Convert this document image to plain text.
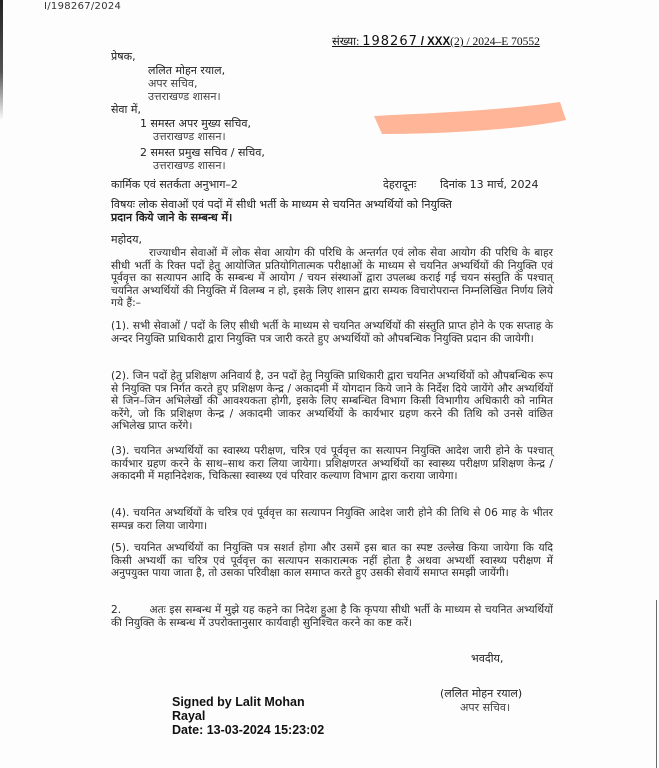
I/198267/2024
संख्या: 198267 / XXX(2) / 2024–E 70552
प्रेषक,
ललित मोहन रयाल,
अपर सचिव,
उत्तराखण्ड शासन।
सेवा में,
1 समस्त अपर मुख्य सचिव,
उत्तराखण्ड शासन।
2 समस्त प्रमुख सचिव / सचिव,
उत्तराखण्ड शासन।
कार्मिक एवं सतर्कता अनुभाग–2	देहरादूनः दिनांक 13 मार्च, 2024
विषयः लोक सेवाओं एवं पदों में सीधी भर्ती के माध्यम से चयनित अभ्यर्थियों को नियुक्ति
प्रदान किये जाने के सम्बन्ध में।
महोदय,
राज्याधीन सेवाओं में लोक सेवा आयोग की परिधि के अन्तर्गत एवं लोक सेवा आयोग की परिधि के बाहर सीधी भर्ती के रिक्त पदों हेतु आयोजित प्रतियोगितात्मक परीक्षाओं के माध्यम से चयनित अभ्यर्थियों की नियुक्ति एवं पूर्ववृत्त का सत्यापन आदि के सम्बन्ध में आयोग / चयन संस्थाओं द्वारा उपलब्ध कराई गई चयन संस्तुति के पश्चात् चयनित अभ्यर्थियों की नियुक्ति में विलम्ब न हो, इसके लिए शासन द्वारा सम्यक विचारोपरान्त निम्नलिखित निर्णय लिये गये हैं:–
(1). सभी सेवाओं / पदों के लिए सीधी भर्ती के माध्यम से चयनित अभ्यर्थियों की संस्तुति प्राप्त होने के एक सप्ताह के अन्दर नियुक्ति प्राधिकारी द्वारा नियुक्ति पत्र जारी करते हुए अभ्यर्थियों को औपबन्धिक नियुक्ति प्रदान की जायेगी।
(2). जिन पदों हेतु प्रशिक्षण अनिवार्य है, उन पदों हेतु नियुक्ति प्राधिकारी द्वारा चयनित अभ्यर्थियों को औपबन्धिक रूप से नियुक्ति पत्र निर्गत करते हुए प्रशिक्षण केन्द्र / अकादमी में योगदान किये जाने के निर्देश दिये जायेंगे और अभ्यर्थियों से जिन–जिन अभिलेखों की आवश्यकता होगी, इसके लिए सम्बन्धित विभाग किसी विभागीय अधिकारी को नामित करेंगे, जो कि प्रशिक्षण केन्द्र / अकादमी जाकर अभ्यर्थियों के कार्यभार ग्रहण करने की तिथि को उनसे वांछित अभिलेख प्राप्त करेंगे।
(3). चयनित अभ्यर्थियों का स्वास्थ्य परीक्षण, चरित्र एवं पूर्ववृत्त का सत्यापन नियुक्ति आदेश जारी होने के पश्चात् कार्यभार ग्रहण करने के साथ–साथ करा लिया जायेगा। प्रशिक्षणरत अभ्यर्थियों का स्वास्थ्य परीक्षण प्रशिक्षण केन्द्र / अकादमी में महानिदेशक, चिकित्सा स्वास्थ्य एवं परिवार कल्याण विभाग द्वारा कराया जायेगा।
(4). चयनित अभ्यर्थियों के चरित्र एवं पूर्ववृत्त का सत्यापन नियुक्ति आदेश जारी होने की तिथि से 06 माह के भीतर सम्पन्न करा लिया जायेगा।
(5). चयनित अभ्यर्थियों का नियुक्ति पत्र सशर्त होगा और उसमें इस बात का स्पष्ट उल्लेख किया जायेगा कि यदि किसी अभ्यर्थी का चरित्र एवं पूर्ववृत्त का सत्यापन सकारात्मक नहीं होता है अथवा अभ्यर्थी स्वास्थ्य परीक्षण में अनुपयुक्त पाया जाता है, तो उसका परिवीक्षा काल समाप्त करते हुए उसकी सेवायें समाप्त समझी जायेंगी।
2.        अतः इस सम्बन्ध में मुझे यह कहने का निदेश हुआ है कि कृपया सीधी भर्ती के माध्यम से चयनित अभ्यर्थियों की नियुक्ति के सम्बन्ध में उपरोक्तानुसार कार्यवाही सुनिश्चित करने का कष्ट करें।
भवदीय,
Signed by Lalit Mohan
Rayal
Date: 13-03-2024 15:23:02
(ललित मोहन रयाल)
अपर सचिव।
